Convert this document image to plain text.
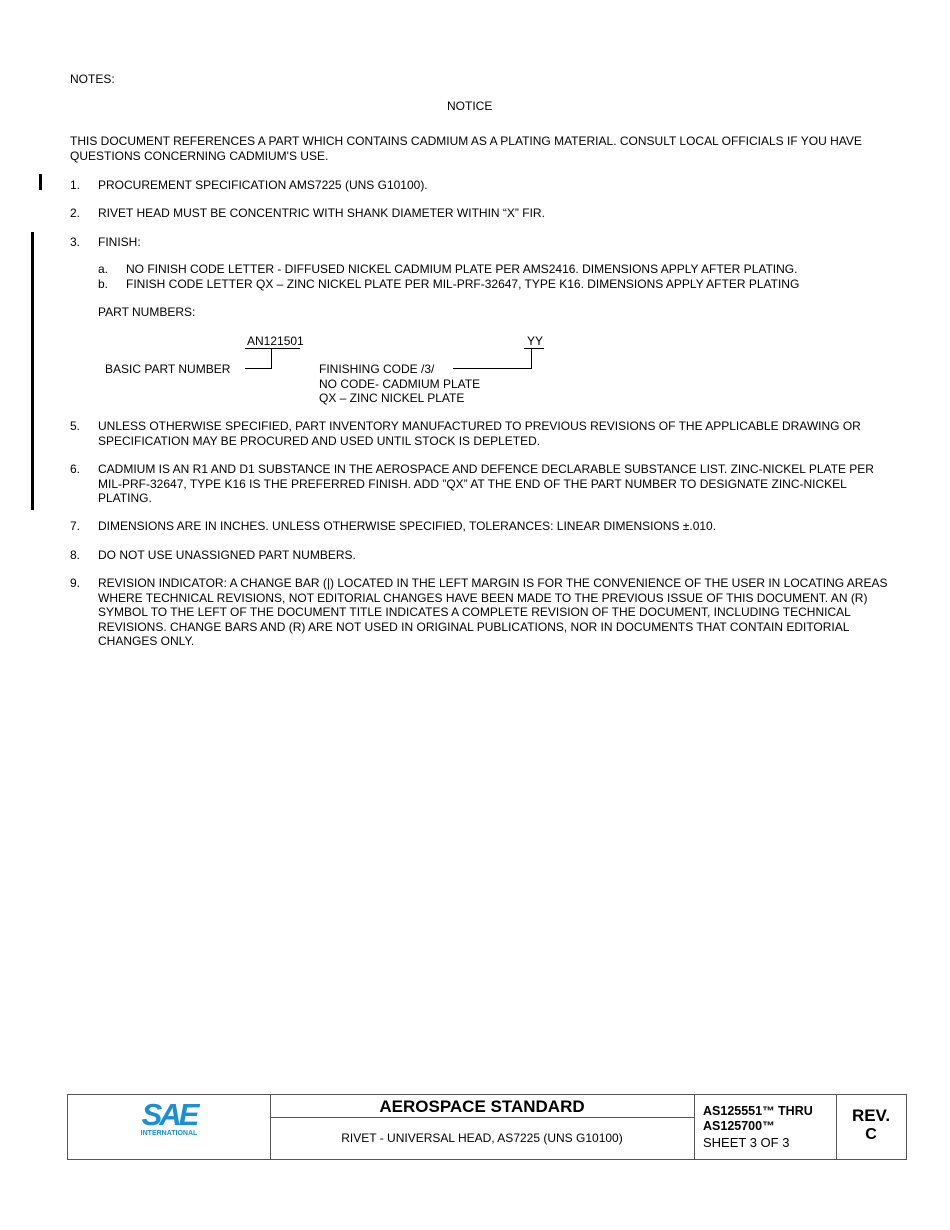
NOTES:
NOTICE
THIS DOCUMENT REFERENCES A PART WHICH CONTAINS CADMIUM AS A PLATING MATERIAL. CONSULT LOCAL OFFICIALS IF YOU HAVE QUESTIONS CONCERNING CADMIUM'S USE.
1. PROCUREMENT SPECIFICATION AMS7225 (UNS G10100).
2. RIVET HEAD MUST BE CONCENTRIC WITH SHANK DIAMETER WITHIN “X” FIR.
3. FINISH:
a. NO FINISH CODE LETTER - DIFFUSED NICKEL CADMIUM PLATE PER AMS2416. DIMENSIONS APPLY AFTER PLATING.
b. FINISH CODE LETTER QX – ZINC NICKEL PLATE PER MIL-PRF-32647, TYPE K16. DIMENSIONS APPLY AFTER PLATING
PART NUMBERS:
AN121501
BASIC PART NUMBER
YY
FINISHING CODE /3/
NO CODE- CADMIUM PLATE
QX – ZINC NICKEL PLATE
5. UNLESS OTHERWISE SPECIFIED, PART INVENTORY MANUFACTURED TO PREVIOUS REVISIONS OF THE APPLICABLE DRAWING OR SPECIFICATION MAY BE PROCURED AND USED UNTIL STOCK IS DEPLETED.
6. CADMIUM IS AN R1 AND D1 SUBSTANCE IN THE AEROSPACE AND DEFENCE DECLARABLE SUBSTANCE LIST. ZINC-NICKEL PLATE PER MIL-PRF-32647, TYPE K16 IS THE PREFERRED FINISH. ADD ”QX” AT THE END OF THE PART NUMBER TO DESIGNATE ZINC-NICKEL PLATING.
7. DIMENSIONS ARE IN INCHES. UNLESS OTHERWISE SPECIFIED, TOLERANCES: LINEAR DIMENSIONS ±.010.
8. DO NOT USE UNASSIGNED PART NUMBERS.
9. REVISION INDICATOR: A CHANGE BAR (|) LOCATED IN THE LEFT MARGIN IS FOR THE CONVENIENCE OF THE USER IN LOCATING AREAS WHERE TECHNICAL REVISIONS, NOT EDITORIAL CHANGES HAVE BEEN MADE TO THE PREVIOUS ISSUE OF THIS DOCUMENT. AN (R) SYMBOL TO THE LEFT OF THE DOCUMENT TITLE INDICATES A COMPLETE REVISION OF THE DOCUMENT, INCLUDING TECHNICAL REVISIONS. CHANGE BARS AND (R) ARE NOT USED IN ORIGINAL PUBLICATIONS, NOR IN DOCUMENTS THAT CONTAIN EDITORIAL CHANGES ONLY.
SAE
INTERNATIONAL
AEROSPACE STANDARD
RIVET - UNIVERSAL HEAD, AS7225 (UNS G10100)
AS125551™ THRU
AS125700™
SHEET 3 OF 3
REV.
C
